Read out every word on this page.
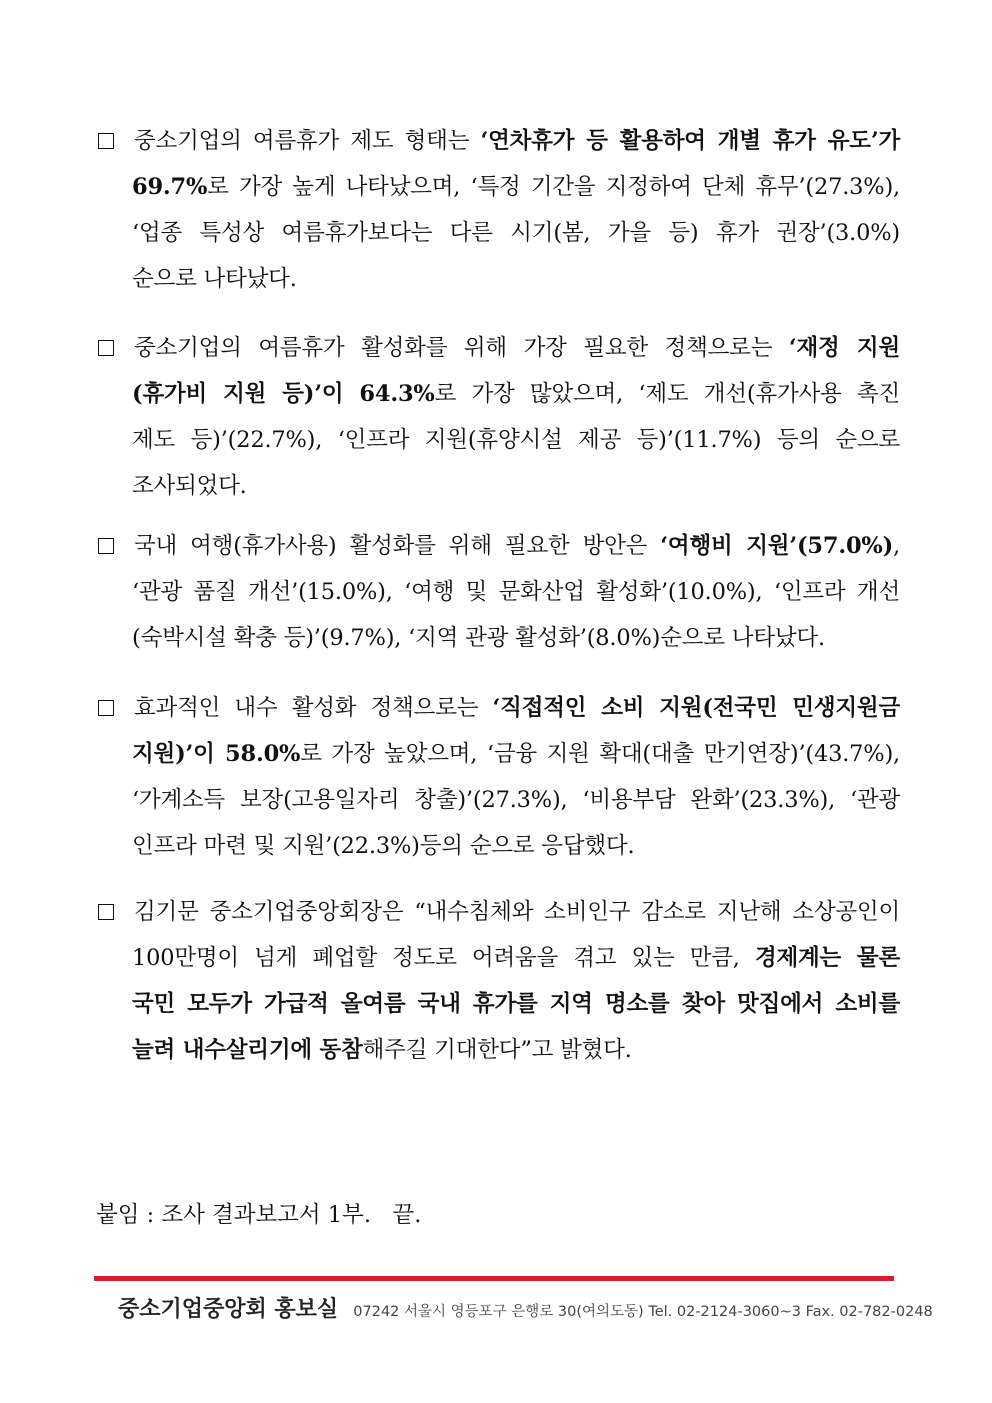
중소기업의 여름휴가 제도 형태는 ‘연차휴가 등 활용하여 개별 휴가 유도’가
69.7%로 가장 높게 나타났으며, ‘특정 기간을 지정하여 단체 휴무’(27.3%),
‘업종 특성상 여름휴가보다는 다른 시기(봄, 가을 등) 휴가 권장’(3.0%)
순으로 나타났다.
중소기업의 여름휴가 활성화를 위해 가장 필요한 정책으로는 ‘재정 지원
(휴가비 지원 등)’이 64.3%로 가장 많았으며, ‘제도 개선(휴가사용 촉진
제도 등)’(22.7%), ‘인프라 지원(휴양시설 제공 등)’(11.7%) 등의 순으로
조사되었다.
국내 여행(휴가사용) 활성화를 위해 필요한 방안은 ‘여행비 지원’(57.0%),
‘관광 품질 개선’(15.0%), ‘여행 및 문화산업 활성화’(10.0%), ‘인프라 개선
(숙박시설 확충 등)’(9.7%), ‘지역 관광 활성화’(8.0%)순으로 나타났다.
효과적인 내수 활성화 정책으로는 ‘직접적인 소비 지원(전국민 민생지원금
지원)’이 58.0%로 가장 높았으며, ‘금융 지원 확대(대출 만기연장)’(43.7%),
‘가계소득 보장(고용일자리 창출)’(27.3%), ‘비용부담 완화’(23.3%), ‘관광
인프라 마련 및 지원’(22.3%)등의 순으로 응답했다.
김기문 중소기업중앙회장은 “내수침체와 소비인구 감소로 지난해 소상공인이
100만명이 넘게 폐업할 정도로 어려움을 겪고 있는 만큼, 경제계는 물론
국민 모두가 가급적 올여름 국내 휴가를 지역 명소를 찾아 맛집에서 소비를
늘려 내수살리기에 동참해주길 기대한다”고 밝혔다.
붙임 : 조사 결과보고서 1부.   끝.
중소기업중앙회 홍보실 07242 서울시 영등포구 은행로 30(여의도동) Tel. 02-2124-3060~3 Fax. 02-782-0248
